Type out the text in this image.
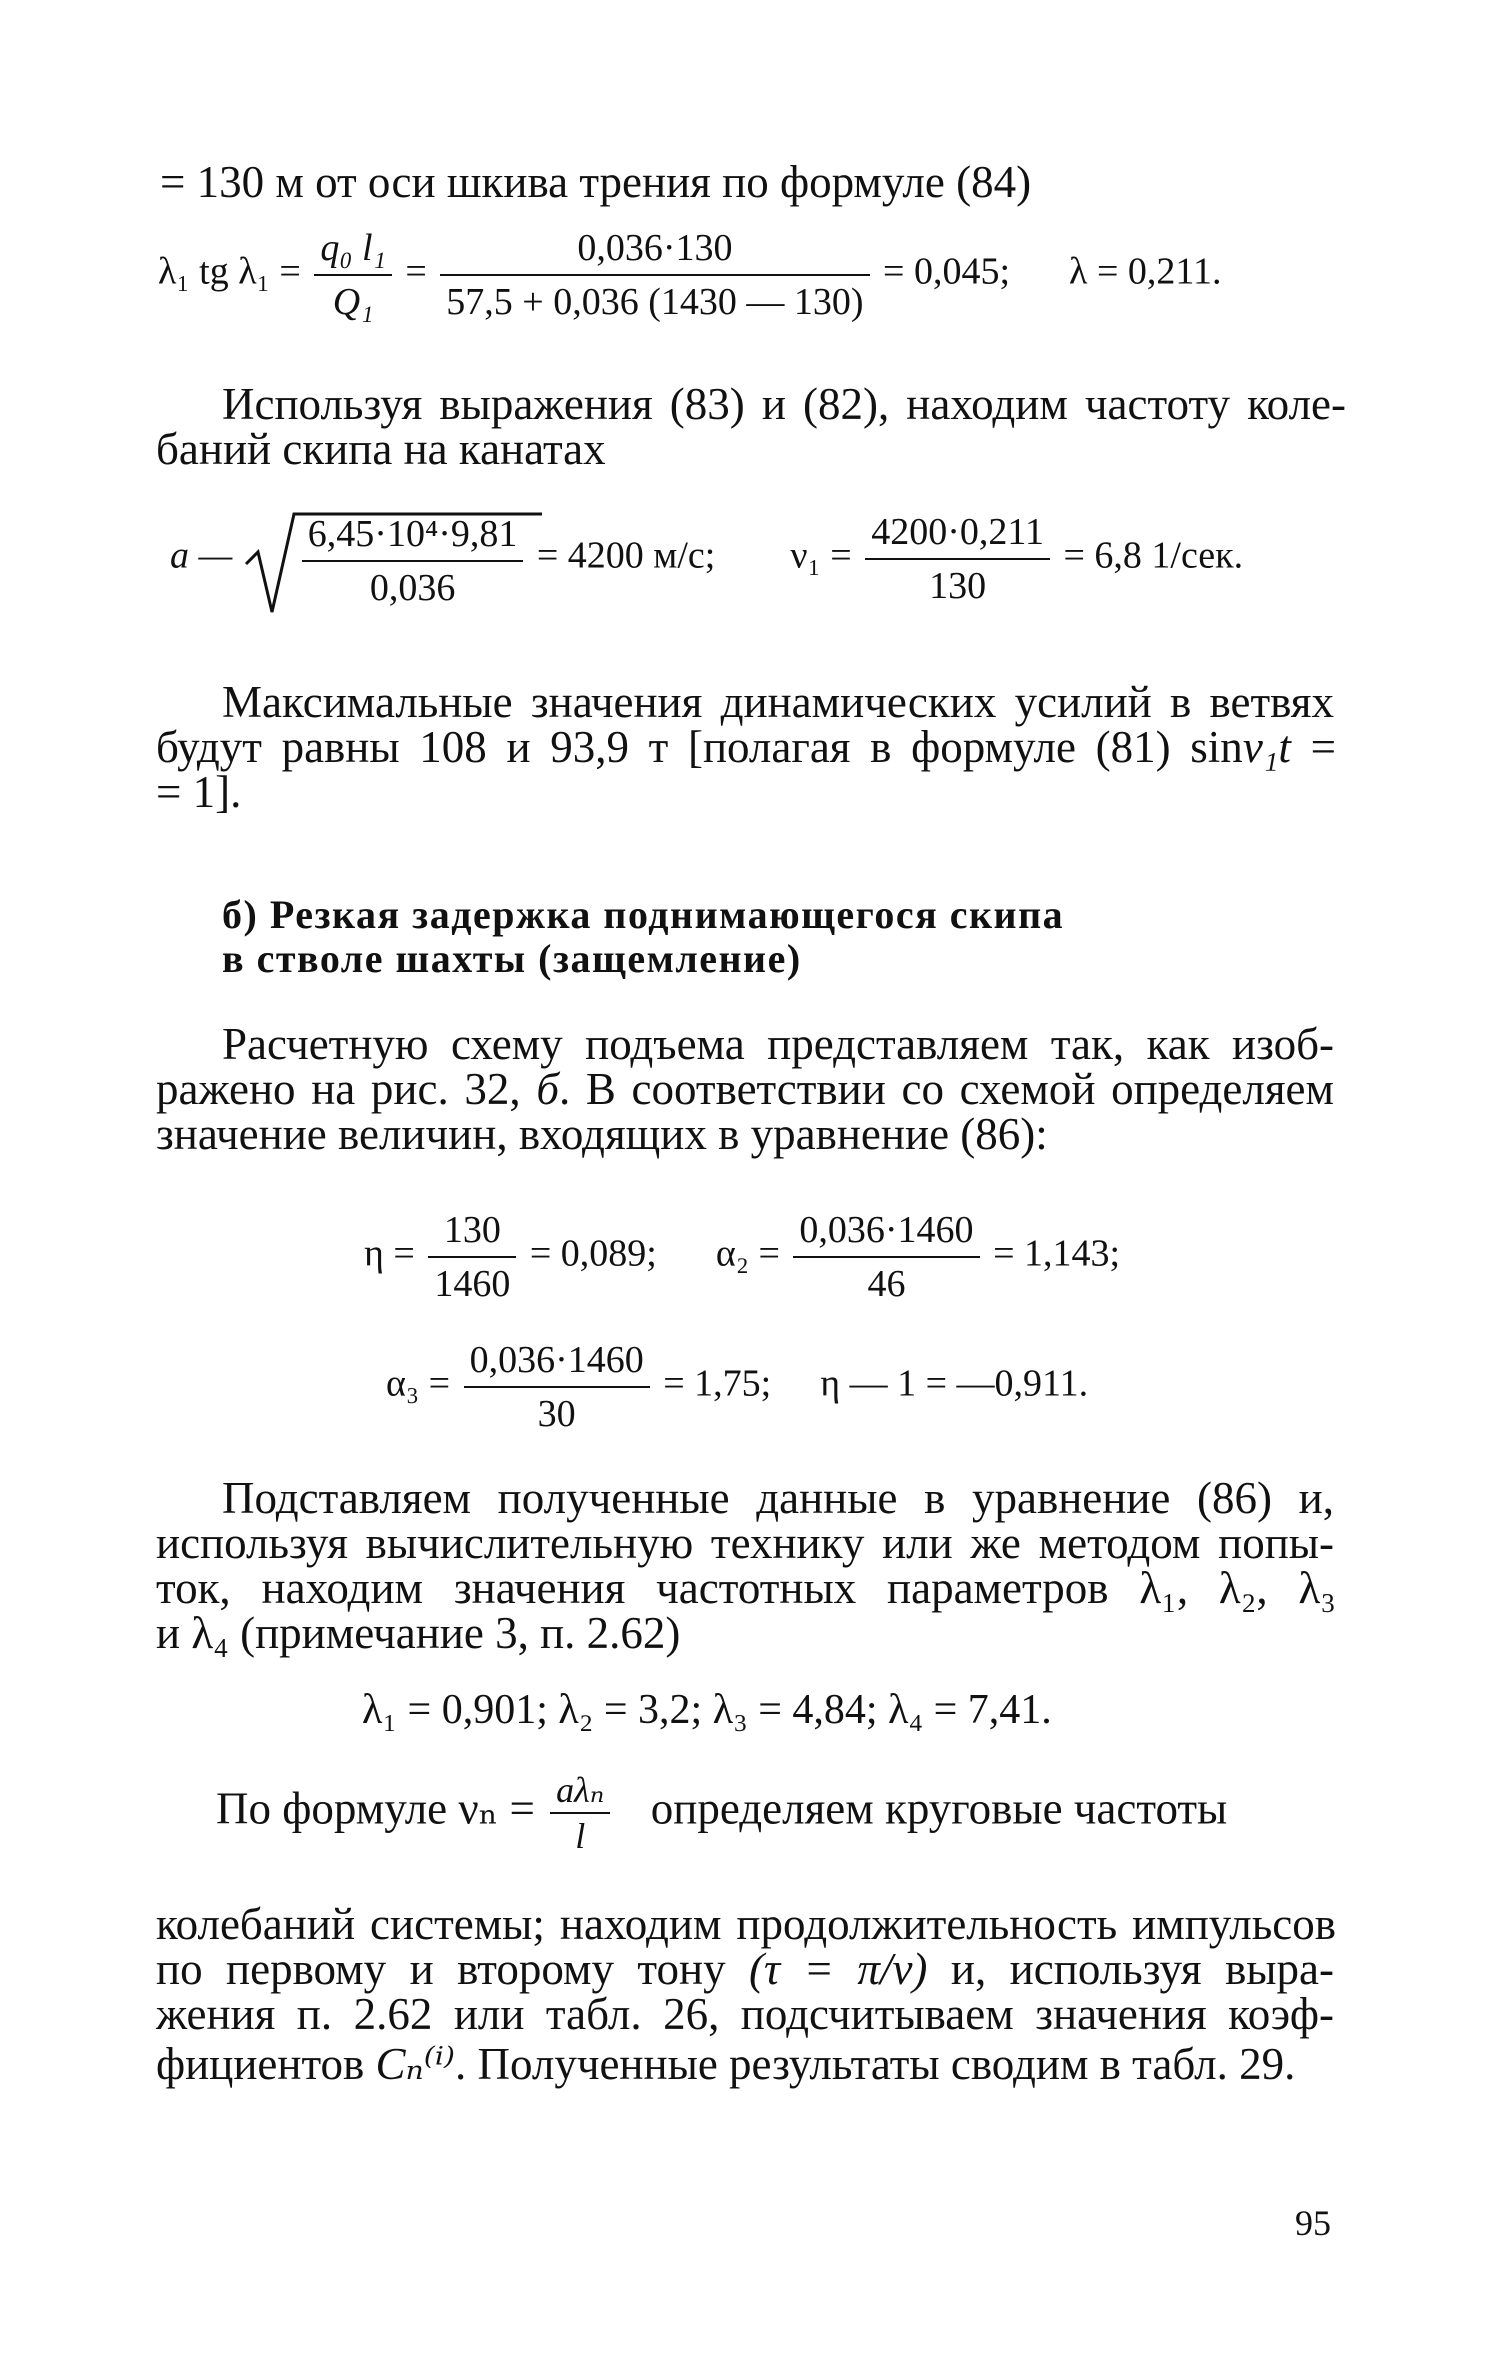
= 130 м от оси шкива трения по формуле (84)
λ₁ tg $\lambda_1 = \frac{\text{q₀ l₁}}{\text{Q₁}} = \frac{0,036\cdot 130}{57,5 + 0,036 (1430 — 130)} = 0,045$; λ = 0,211.
Используя выражения (83) и (82), находим частоту коле-
баний скипа на канатах
a — $\frac{\text{6,45·10⁴·9,81}}{0,036} = 4200$ м/с; $\nu_1 = \frac{4200\cdot 0,211}{130} = 6,8$ 1/сек.
Максимальные значения динамических усилий в ветвях
будут равны 108 и 93,9 т [полагая в формуле (81) sinν₁t =
= 1].
б) Резкая задержка поднимающегося скипа
в стволе шахты (защемление)
Расчетную схему подъема представляем так, как изоб-
ражено на рис. 32, б. В соответствии со схемой определяем
значение величин, входящих в уравнение (86):
$\eta = \frac{130}{1460} = 0,089$; $\alpha_2 = \frac{0,036\cdot 1460}{46} = 1,143$;
$\alpha_3 = \frac{0,036\cdot 1460}{30} = 1,75$; η — 1 = —0,911.
Подставляем полученные данные в уравнение (86) и,
используя вычислительную технику или же методом попы-
ток, находим значения частотных параметров λ₁, λ₂, λ₃
и λ₄ (примечание 3, п. 2.62)
λ₁ = 0,901; λ₂ = 3,2; λ₃ = 4,84; λ₄ = 7,41.
По формуле $\nu_n = \frac{\text{aλₙ}}{l}$ определяем круговые частоты
колебаний системы; находим продолжительность импульсов
по первому и второму тону (τ = π/ν) и, используя выра-
жения п. 2.62 или табл. 26, подсчитываем значения коэф-
фициентов Cₙ⁽ⁱ⁾. Полученные результаты сводим в табл. 29.
95
